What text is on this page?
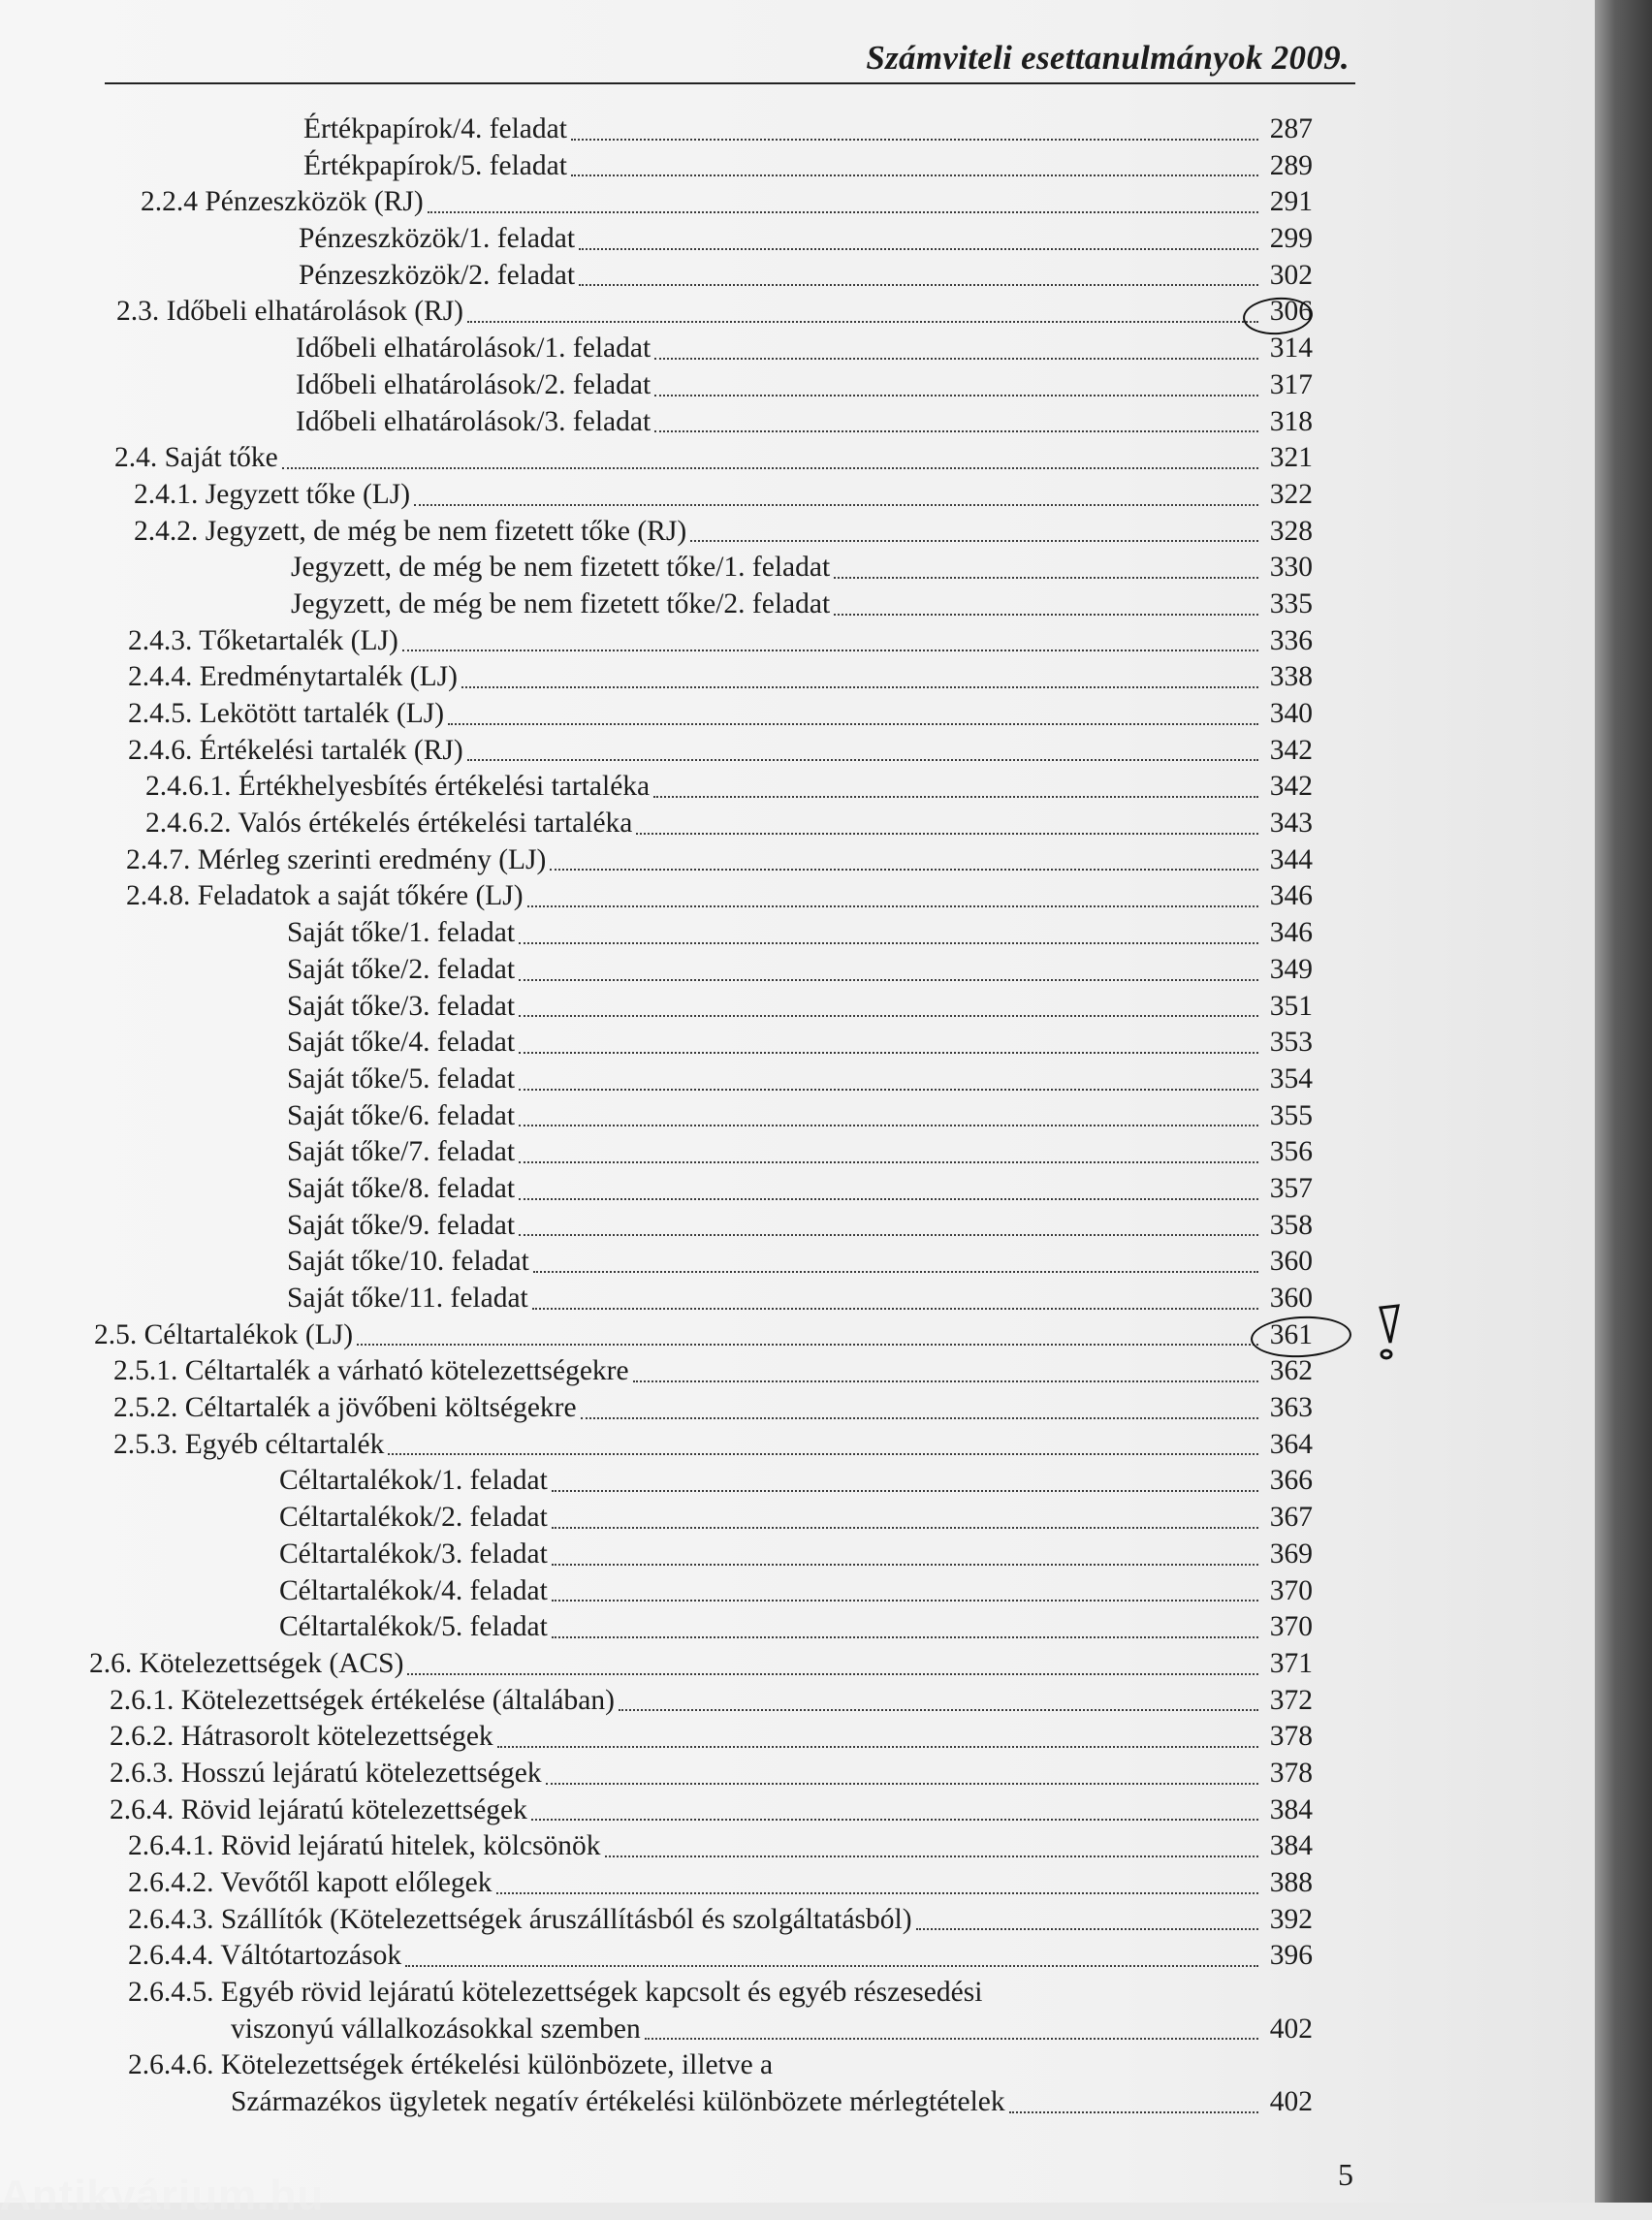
Számviteli esettanulmányok 2009.
Értékpapírok/4. feladat	287
Értékpapírok/5. feladat	289
2.2.4 Pénzeszközök (RJ)	291
Pénzeszközök/1. feladat	299
Pénzeszközök/2. feladat	302
2.3. Időbeli elhatárolások (RJ)	306
Időbeli elhatárolások/1. feladat	314
Időbeli elhatárolások/2. feladat	317
Időbeli elhatárolások/3. feladat	318
2.4. Saját tőke	321
2.4.1. Jegyzett tőke (LJ)	322
2.4.2. Jegyzett, de még be nem fizetett tőke (RJ)	328
Jegyzett, de még be nem fizetett tőke/1. feladat	330
Jegyzett, de még be nem fizetett tőke/2. feladat	335
2.4.3. Tőketartalék (LJ)	336
2.4.4. Eredménytartalék (LJ)	338
2.4.5. Lekötött tartalék (LJ)	340
2.4.6. Értékelési tartalék (RJ)	342
2.4.6.1. Értékhelyesbítés értékelési tartaléka	342
2.4.6.2. Valós értékelés értékelési tartaléka	343
2.4.7. Mérleg szerinti eredmény (LJ)	344
2.4.8. Feladatok a saját tőkére (LJ)	346
Saját tőke/1. feladat	346
Saját tőke/2. feladat	349
Saját tőke/3. feladat	351
Saját tőke/4. feladat	353
Saját tőke/5. feladat	354
Saját tőke/6. feladat	355
Saját tőke/7. feladat	356
Saját tőke/8. feladat	357
Saját tőke/9. feladat	358
Saját tőke/10. feladat	360
Saját tőke/11. feladat	360
2.5. Céltartalékok (LJ)	361
2.5.1. Céltartalék a várható kötelezettségekre	362
2.5.2. Céltartalék a jövőbeni költségekre	363
2.5.3. Egyéb céltartalék	364
Céltartalékok/1. feladat	366
Céltartalékok/2. feladat	367
Céltartalékok/3. feladat	369
Céltartalékok/4. feladat	370
Céltartalékok/5. feladat	370
2.6. Kötelezettségek (ACS)	371
2.6.1. Kötelezettségek értékelése (általában)	372
2.6.2. Hátrasorolt kötelezettségek	378
2.6.3. Hosszú lejáratú kötelezettségek	378
2.6.4. Rövid lejáratú kötelezettségek	384
2.6.4.1. Rövid lejáratú hitelek, kölcsönök	384
2.6.4.2. Vevőtől kapott előlegek	388
2.6.4.3. Szállítók (Kötelezettségek áruszállításból és szolgáltatásból)	392
2.6.4.4. Váltótartozások	396
2.6.4.5. Egyéb rövid lejáratú kötelezettségek kapcsolt és egyéb részesedési
viszonyú vállalkozásokkal szemben	402
2.6.4.6. Kötelezettségek értékelési különbözete, illetve a
Származékos ügyletek negatív értékelési különbözete mérlegtételek	402
5
Antikvárium.hu
